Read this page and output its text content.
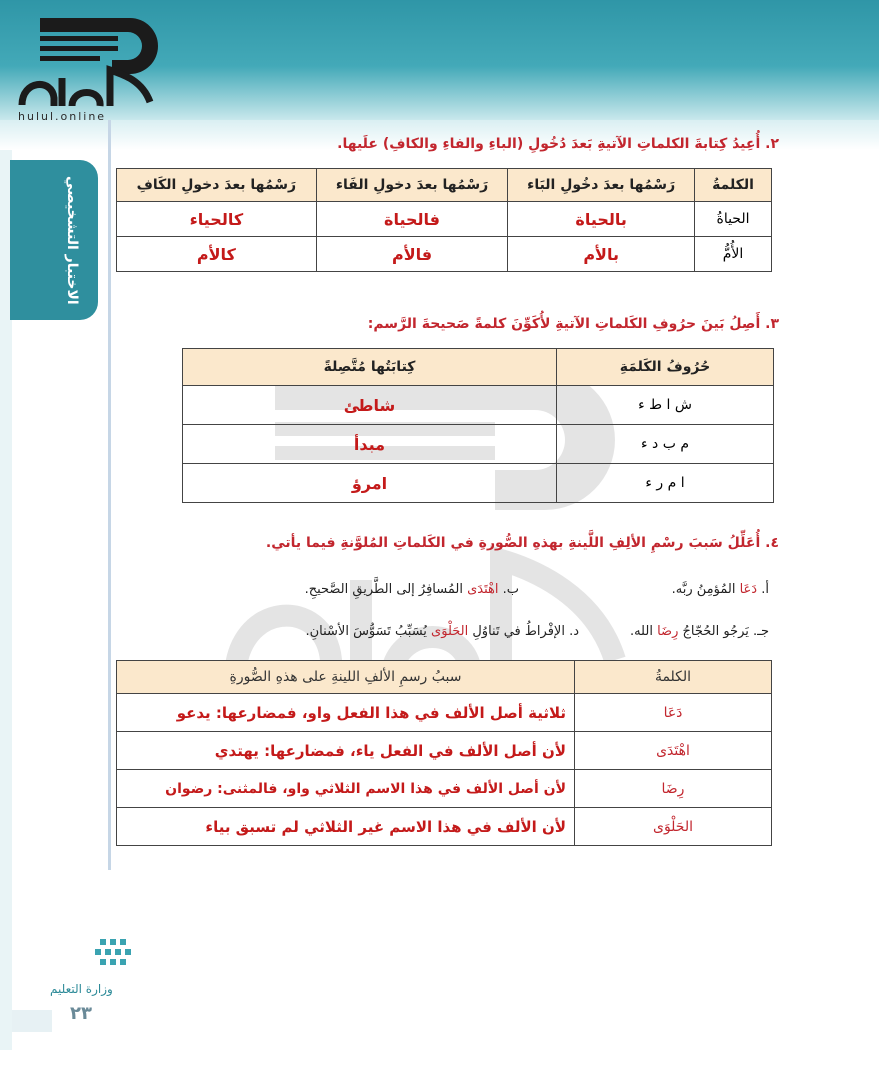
hulul.online
الاختبار التشخيصي
٢. أُعِيدُ كِتابةَ الكلماتِ الآتيةِ بَعدَ دُخُولِ (الباءِ والفاءِ والكافِ) علَيها.
الكلمةُ	رَسْمُها بعدَ دخُولِ البَاء	رَسْمُها بعدَ دخولِ الفَاء	رَسْمُها بعدَ دخولِ الكَافِ
الحياةُ	بالحياة	فالحياة	كالحياء
الأُمُّ	بالأم	فالأم	كالأم
٣. أَصِلُ بَينَ حرُوفِ الكَلماتِ الآتيةِ لأُكَوِّنَ كلمةً صَحيحةَ الرَّسم:
حُرُوفُ الكَلمَةِ	كِتابَتُها مُتَّصِلةً
ش ا ط ء	شاطئ
م ب د ء	مبدأ
ا م ر ء	امرؤ
٤. أُعَلِّلُ سَببَ رسْمِ الألِفِ اللَّينةِ بهذهِ الصُّورةِ في الكَلماتِ المُلوَّنةِ فيما يأتي.
أ. دَعَا المُؤمِنُ ربَّه.
ب. اهْتَدَى المُسافِرُ إلى الطَّريقِ الصَّحيحِ.
جـ. يَرجُو الحُجّاجُ رِضَا الله.
د. الإفْراطُ في تَناوُلِ الحَلْوَى يُسَبِّبُ تَسَوُّسَ الأسْنانِ.
الكلمةُ	سببُ رسمِ الألفِ اللينةِ على هذهِ الصُّورةِ
دَعَا	ثلاثية أصل الألف في هذا الفعل واو، فمضارعها: يدعو
اهْتَدَى	لأن أصل الألف في الفعل ياء، فمضارعها: يهتدي
رِضَا	لأن أصل الألف في هذا الاسم الثلاثي واو، فالمثنى: رضوان
الحَلْوَى	لأن الألف في هذا الاسم غير الثلاثي لم تسبق بياء
وزارة التعليم
٢٣
